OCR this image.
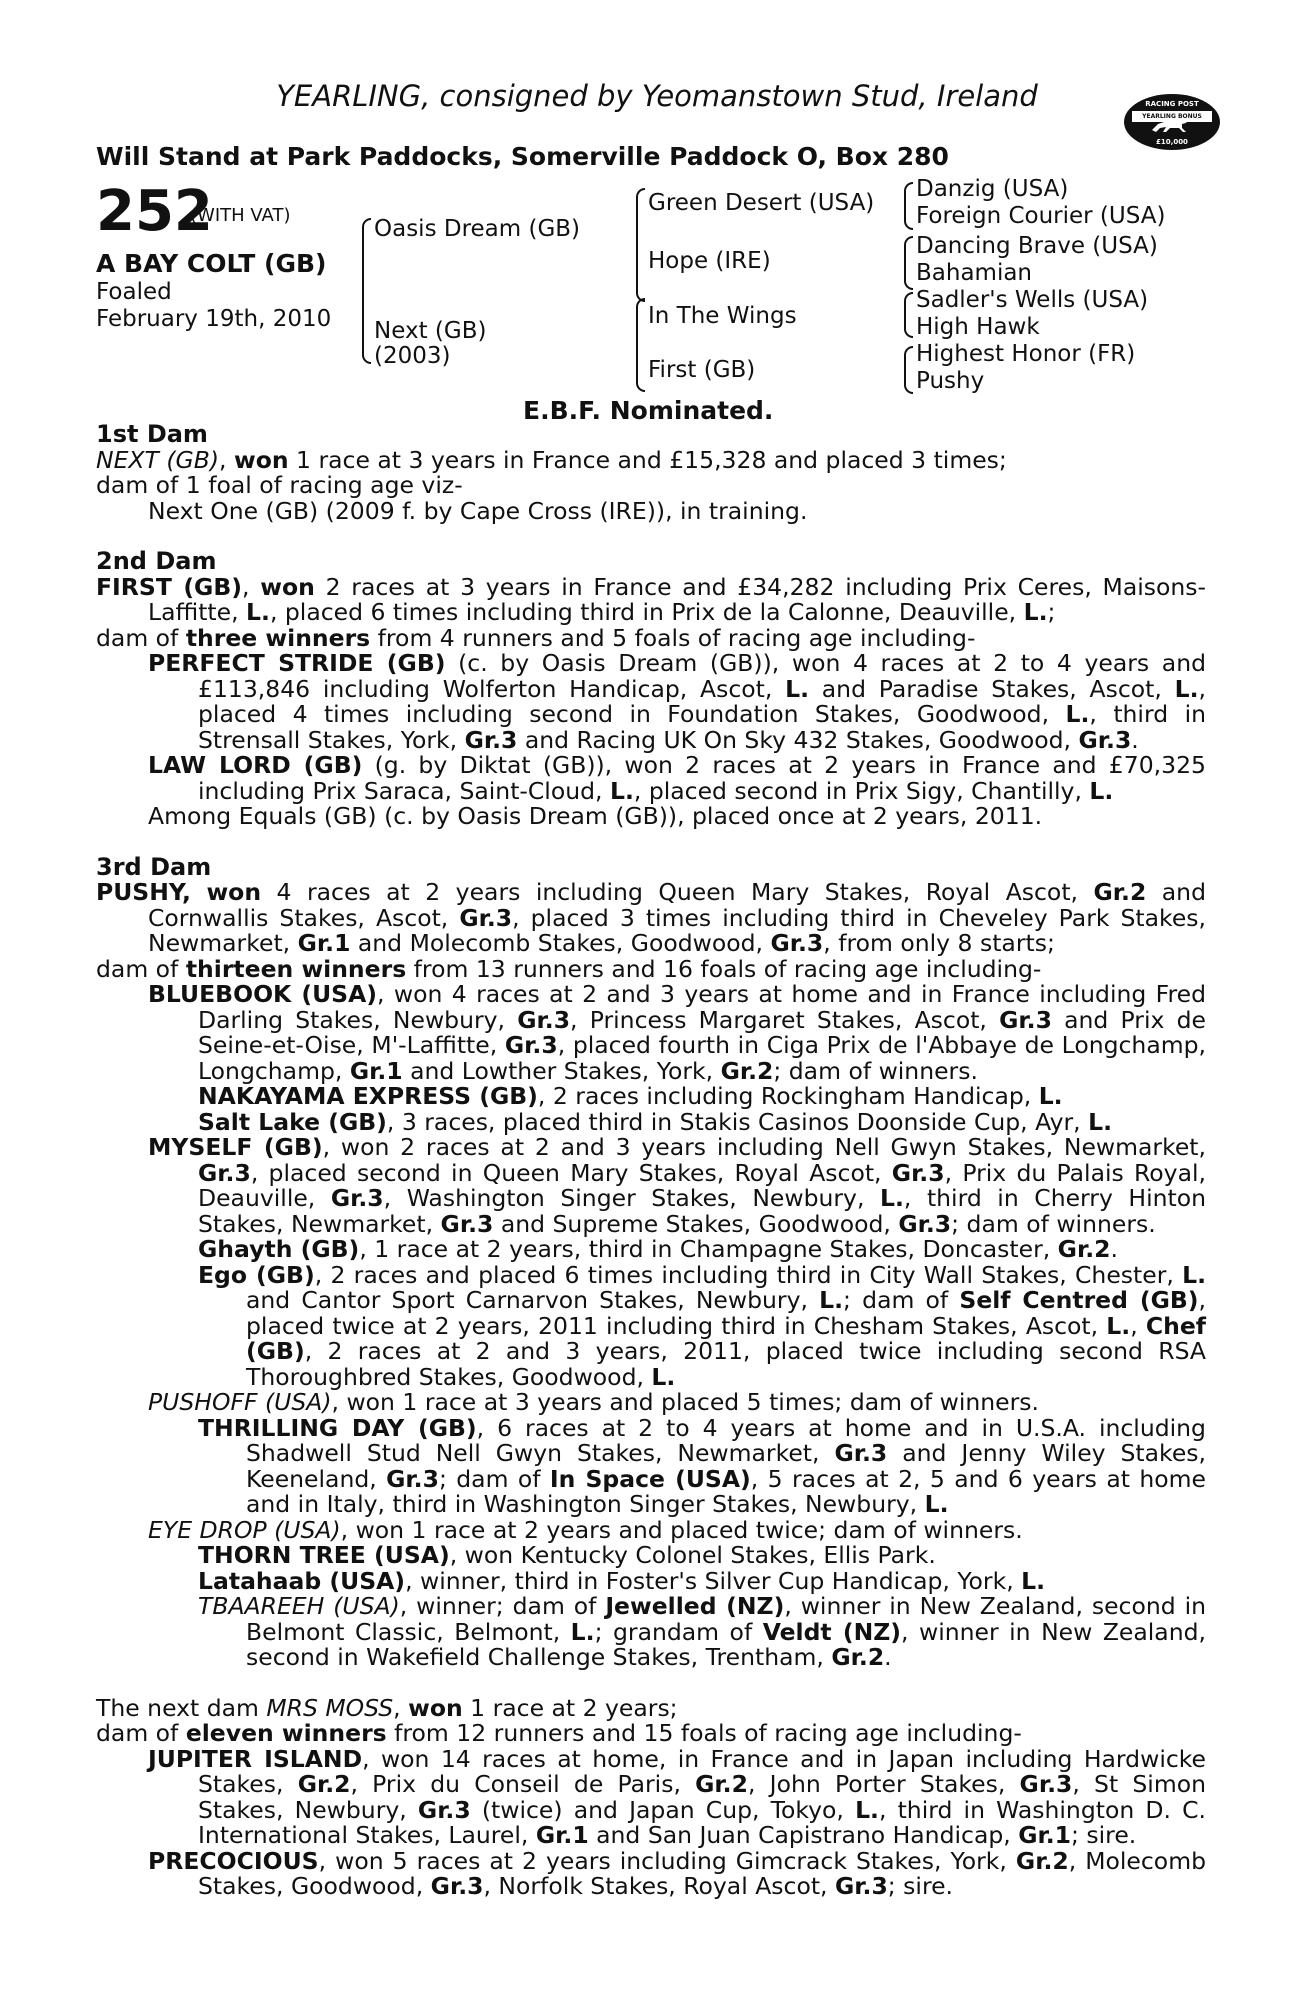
YEARLING, consigned by Yeomanstown Stud, Ireland
Will Stand at Park Paddocks, Somerville Paddock O, Box 280
RACING POST
YEARLING BONUS
£10,000
252
(WITH VAT)
A BAY COLT (GB)
Foaled
February 19th, 2010
Oasis Dream (GB)
Next (GB)
(2003)
Green Desert (USA)
Hope (IRE)
In The Wings
First (GB)
Danzig (USA)
Foreign Courier (USA)
Dancing Brave (USA)
Bahamian
Sadler's Wells (USA)
High Hawk
Highest Honor (FR)
Pushy
E.B.F. Nominated.

1st Dam

NEXT (GB), won 1 race at 3 years in France and £15,328 and placed 3 times;

dam of 1 foal of racing age viz-

Next One (GB) (2009 f. by Cape Cross (IRE)), in training.

2nd Dam

FIRST (GB), won 2 races at 3 years in France and £34,282 including Prix Ceres, Maisons-Laffitte, L., placed 6 times including third in Prix de la Calonne, Deauville, L.;

dam of three winners from 4 runners and 5 foals of racing age including-

PERFECT STRIDE (GB) (c. by Oasis Dream (GB)), won 4 races at 2 to 4 years and £113,846 including Wolferton Handicap, Ascot, L. and Paradise Stakes, Ascot, L., placed 4 times including second in Foundation Stakes, Goodwood, L., third in Strensall Stakes, York, Gr.3 and Racing UK On Sky 432 Stakes, Goodwood, Gr.3.

LAW LORD (GB) (g. by Diktat (GB)), won 2 races at 2 years in France and £70,325 including Prix Saraca, Saint-Cloud, L., placed second in Prix Sigy, Chantilly, L.

Among Equals (GB) (c. by Oasis Dream (GB)), placed once at 2 years, 2011.

3rd Dam

PUSHY, won 4 races at 2 years including Queen Mary Stakes, Royal Ascot, Gr.2 and Cornwallis Stakes, Ascot, Gr.3, placed 3 times including third in Cheveley Park Stakes, Newmarket, Gr.1 and Molecomb Stakes, Goodwood, Gr.3, from only 8 starts;

dam of thirteen winners from 13 runners and 16 foals of racing age including-

BLUEBOOK (USA), won 4 races at 2 and 3 years at home and in France including Fred Darling Stakes, Newbury, Gr.3, Princess Margaret Stakes, Ascot, Gr.3 and Prix de Seine-et-Oise, M'-Laffitte, Gr.3, placed fourth in Ciga Prix de l'Abbaye de Longchamp, Longchamp, Gr.1 and Lowther Stakes, York, Gr.2; dam of winners.

NAKAYAMA EXPRESS (GB), 2 races including Rockingham Handicap, L.

Salt Lake (GB), 3 races, placed third in Stakis Casinos Doonside Cup, Ayr, L.

MYSELF (GB), won 2 races at 2 and 3 years including Nell Gwyn Stakes, Newmarket, Gr.3, placed second in Queen Mary Stakes, Royal Ascot, Gr.3, Prix du Palais Royal, Deauville, Gr.3, Washington Singer Stakes, Newbury, L., third in Cherry Hinton Stakes, Newmarket, Gr.3 and Supreme Stakes, Goodwood, Gr.3; dam of winners.

Ghayth (GB), 1 race at 2 years, third in Champagne Stakes, Doncaster, Gr.2.

Ego (GB), 2 races and placed 6 times including third in City Wall Stakes, Chester, L. and Cantor Sport Carnarvon Stakes, Newbury, L.; dam of Self Centred (GB), placed twice at 2 years, 2011 including third in Chesham Stakes, Ascot, L., Chef (GB), 2 races at 2 and 3 years, 2011, placed twice including second RSA Thoroughbred Stakes, Goodwood, L.

PUSHOFF (USA), won 1 race at 3 years and placed 5 times; dam of winners.

THRILLING DAY (GB), 6 races at 2 to 4 years at home and in U.S.A. including Shadwell Stud Nell Gwyn Stakes, Newmarket, Gr.3 and Jenny Wiley Stakes, Keeneland, Gr.3; dam of In Space (USA), 5 races at 2, 5 and 6 years at home and in Italy, third in Washington Singer Stakes, Newbury, L.

EYE DROP (USA), won 1 race at 2 years and placed twice; dam of winners.

THORN TREE (USA), won Kentucky Colonel Stakes, Ellis Park.

Latahaab (USA), winner, third in Foster's Silver Cup Handicap, York, L.

TBAAREEH (USA), winner; dam of Jewelled (NZ), winner in New Zealand, second in Belmont Classic, Belmont, L.; grandam of Veldt (NZ), winner in New Zealand, second in Wakefield Challenge Stakes, Trentham, Gr.2.

The next dam MRS MOSS, won 1 race at 2 years;

dam of eleven winners from 12 runners and 15 foals of racing age including-

JUPITER ISLAND, won 14 races at home, in France and in Japan including Hardwicke Stakes, Gr.2, Prix du Conseil de Paris, Gr.2, John Porter Stakes, Gr.3, St Simon Stakes, Newbury, Gr.3 (twice) and Japan Cup, Tokyo, L., third in Washington D. C. International Stakes, Laurel, Gr.1 and San Juan Capistrano Handicap, Gr.1; sire.

PRECOCIOUS, won 5 races at 2 years including Gimcrack Stakes, York, Gr.2, Molecomb Stakes, Goodwood, Gr.3, Norfolk Stakes, Royal Ascot, Gr.3; sire.
